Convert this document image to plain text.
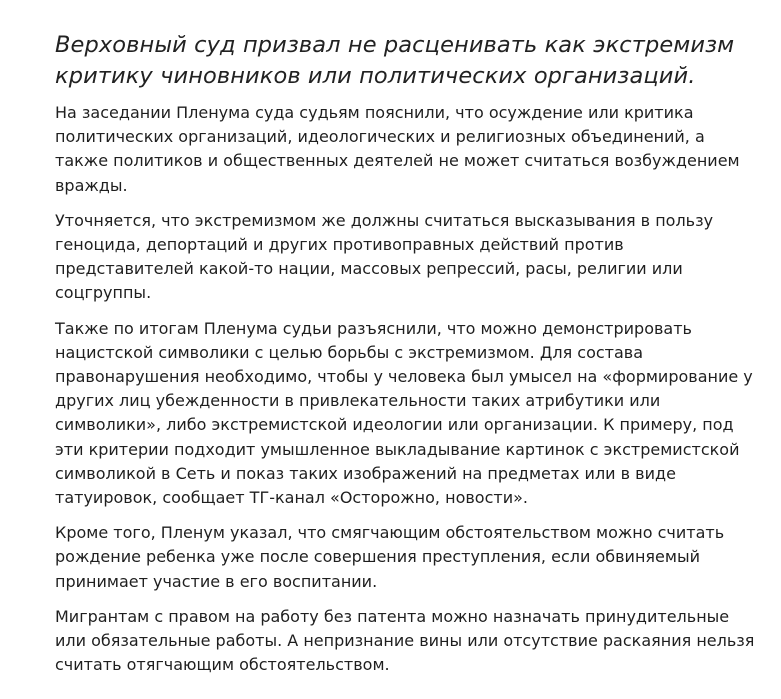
Верховный суд призвал не расценивать как экстремизм критику чиновников или политических организаций.

На заседании Пленума суда судьям пояснили, что осуждение или критика политических организаций, идеологических и религиозных объединений, а также политиков и общественных деятелей не может считаться возбуждением вражды.

Уточняется, что экстремизмом же должны считаться высказывания в пользу геноцида, депортаций и других противоправных действий против представителей какой-то нации, массовых репрессий, расы, религии или соцгруппы.

Также по итогам Пленума судьи разъяснили, что можно демонстрировать нацистской символики с целью борьбы с экстремизмом. Для состава правонарушения необходимо, чтобы у человека был умысел на «формирование у других лиц убежденности в привлекательности таких атрибутики или символики», либо экстремистской идеологии или организации. К примеру, под эти критерии подходит умышленное выкладывание картинок с экстремистской символикой в Сеть и показ таких изображений на предметах или в виде татуировок, сообщает ТГ-канал «Осторожно, новости».

Кроме того, Пленум указал, что смягчающим обстоятельством можно считать рождение ребенка уже после совершения преступления, если обвиняемый принимает участие в его воспитании.

Мигрантам с правом на работу без патента можно назначать принудительные или обязательные работы. А непризнание вины или отсутствие раскаяния нельзя считать отягчающим обстоятельством.
